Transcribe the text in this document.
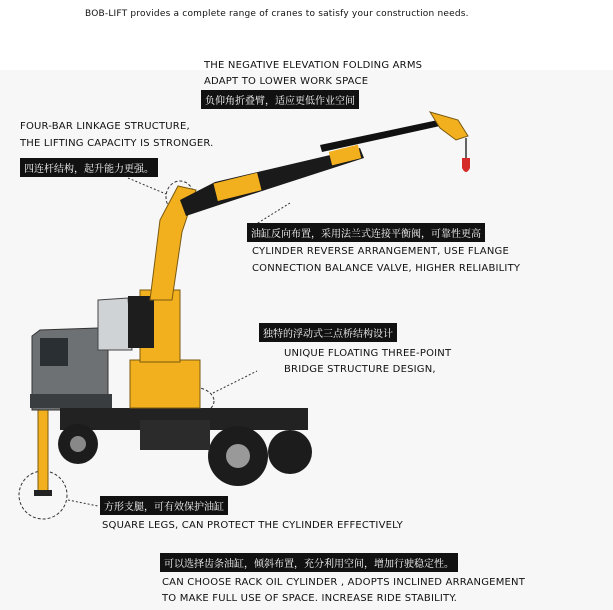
BOB-LIFT provides a complete range of cranes to satisfy your construction needs.
THE NEGATIVE ELEVATION FOLDING ARMS
ADAPT TO LOWER WORK SPACE
负仰角折叠臂，适应更低作业空间
FOUR-BAR LINKAGE STRUCTURE,
THE LIFTING CAPACITY IS STRONGER.
四连杆结构，起升能力更强。
油缸反向布置，采用法兰式连接平衡阀，可靠性更高
CYLINDER REVERSE ARRANGEMENT, USE FLANGE
CONNECTION BALANCE VALVE, HIGHER RELIABILITY
独特的浮动式三点桥结构设计
UNIQUE FLOATING THREE-POINT
BRIDGE STRUCTURE DESIGN,
方形支腿，可有效保护油缸
SQUARE LEGS, CAN PROTECT THE CYLINDER EFFECTIVELY
可以选择齿条油缸，倾斜布置，充分利用空间，增加行驶稳定性。
CAN CHOOSE RACK OIL CYLINDER , ADOPTS INCLINED ARRANGEMENT
TO MAKE FULL USE OF SPACE. INCREASE RIDE STABILITY.
